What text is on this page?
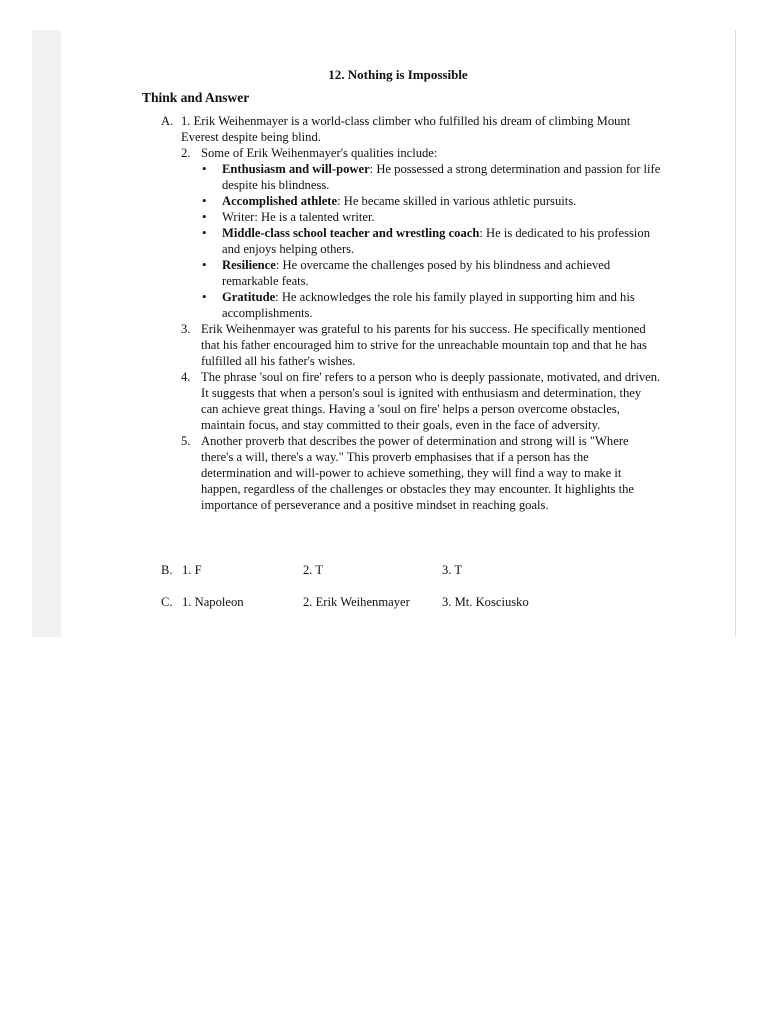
12. Nothing is Impossible
Think and Answer
A. 1. Erik Weihenmayer is a world-class climber who fulfilled his dream of climbing Mount Everest despite being blind.
2. Some of Erik Weihenmayer's qualities include:
•	Enthusiasm and will-power: He possessed a strong determination and passion for life despite his blindness.
•	Accomplished athlete: He became skilled in various athletic pursuits.
•	Writer: He is a talented writer.
•	Middle-class school teacher and wrestling coach: He is dedicated to his profession and enjoys helping others.
•	Resilience: He overcame the challenges posed by his blindness and achieved remarkable feats.
•	Gratitude: He acknowledges the role his family played in supporting him and his accomplishments.
3. Erik Weihenmayer was grateful to his parents for his success. He specifically mentioned that his father encouraged him to strive for the unreachable mountain top and that he has fulfilled all his father's wishes.
4. The phrase 'soul on fire' refers to a person who is deeply passionate, motivated, and driven. It suggests that when a person's soul is ignited with enthusiasm and determination, they can achieve great things. Having a 'soul on fire' helps a person overcome obstacles, maintain focus, and stay committed to their goals, even in the face of adversity.
5. Another proverb that describes the power of determination and strong will is "Where there's a will, there's a way." This proverb emphasises that if a person has the determination and will-power to achieve something, they will find a way to make it happen, regardless of the challenges or obstacles they may encounter. It highlights the importance of perseverance and a positive mindset in reaching goals.
B. 1. F	2. T	3. T
C. 1. Napoleon	2. Erik Weihenmayer	3. Mt. Kosciusko
